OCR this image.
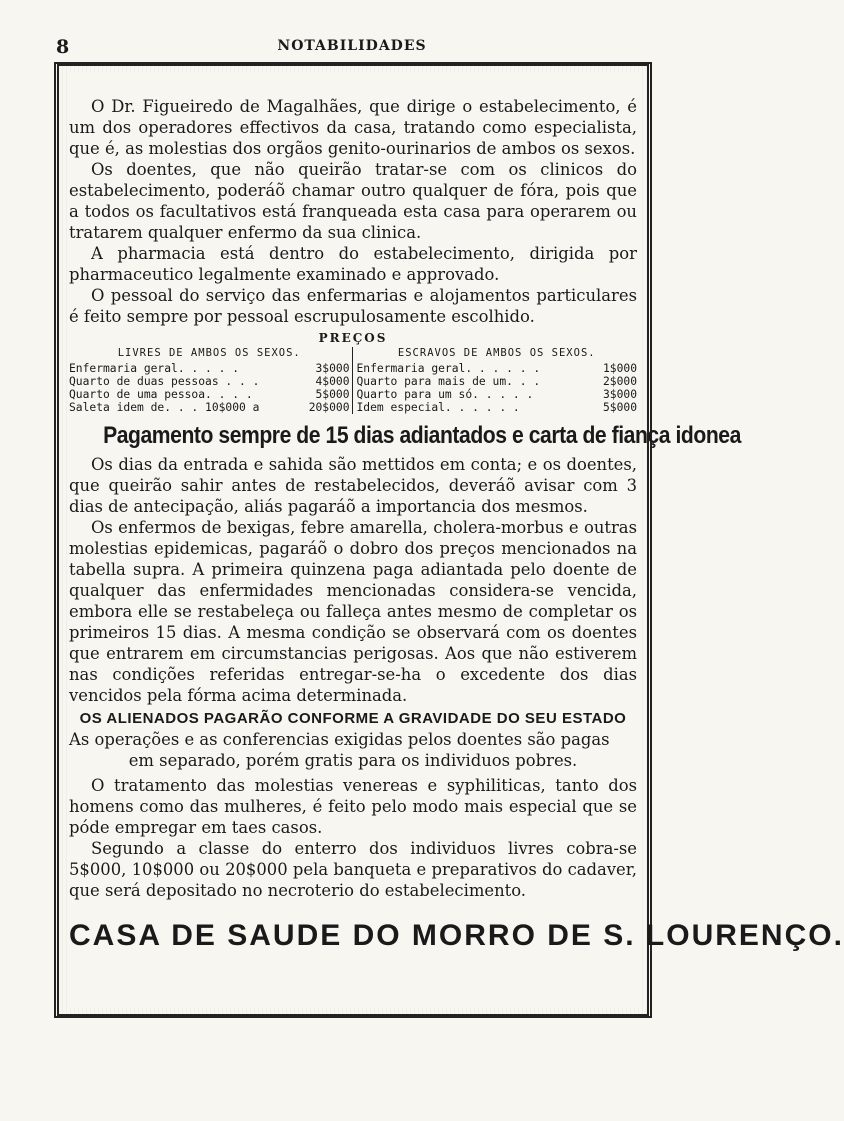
8	NOTABILIDADES

O Dr. Figueiredo de Magalhães, que dirige o estabelecimento, é um dos operadores effectivos da casa, tratando como especialista, que é, as molestias dos orgãos genito-ourinarios de ambos os sexos.

Os doentes, que não queirão tratar-se com os clinicos do estabelecimento, poderáõ chamar outro qualquer de fóra, pois que a todos os facultativos está franqueada esta casa para operarem ou tratarem qualquer enfermo da sua clinica.

A pharmacia está dentro do estabelecimento, dirigida por pharmaceutico legalmente examinado e approvado.

O pessoal do serviço das enfermarias e alojamentos particulares é feito sempre por pessoal escrupulosamente escolhido.

PREÇOS
LIVRES DE AMBOS OS SEXOS.
Enfermaria geral. . . . .	3$000
Quarto de duas pessoas . . .	4$000
Quarto de uma pessoa. . . .	5$000
Saleta idem de. . . 10$000 a	20$000
ESCRAVOS DE AMBOS OS SEXOS.
Enfermaria geral. . . . . .	1$000
Quarto para mais de um. . .	2$000
Quarto para um só. . . . .	3$000
Idem especial. . . . . .	5$000
Pagamento sempre de 15 dias adiantados e carta de fiança idonea

Os dias da entrada e sahida são mettidos em conta; e os doentes, que queirão sahir antes de restabelecidos, deveráõ avisar com 3 dias de antecipação, aliás pagaráõ a importancia dos mesmos.

Os enfermos de bexigas, febre amarella, cholera-morbus e outras molestias epidemicas, pagaráõ o dobro dos preços mencionados na tabella supra. A primeira quinzena paga adiantada pelo doente de qualquer das enfermidades mencionadas considera-se vencida, embora elle se restabeleça ou falleça antes mesmo de completar os primeiros 15 dias. A mesma condição se observará com os doentes que entrarem em circumstancias perigosas. Aos que não estiverem nas condições referidas entregar-se-ha o excedente dos dias vencidos pela fórma acima determinada.

OS ALIENADOS PAGARÃO CONFORME A GRAVIDADE DO SEU ESTADO

As operações e as conferencias exigidas pelos doentes são pagas

em separado, porém gratis para os individuos pobres.

O tratamento das molestias venereas e syphiliticas, tanto dos homens como das mulheres, é feito pelo modo mais especial que se póde empregar em taes casos.

Segundo a classe do enterro dos individuos livres cobra-se 5$000, 10$000 ou 20$000 pela banqueta e preparativos do cadaver, que será depositado no necroterio do estabelecimento.

CASA DE SAUDE DO MORRO DE S. LOURENÇO.
